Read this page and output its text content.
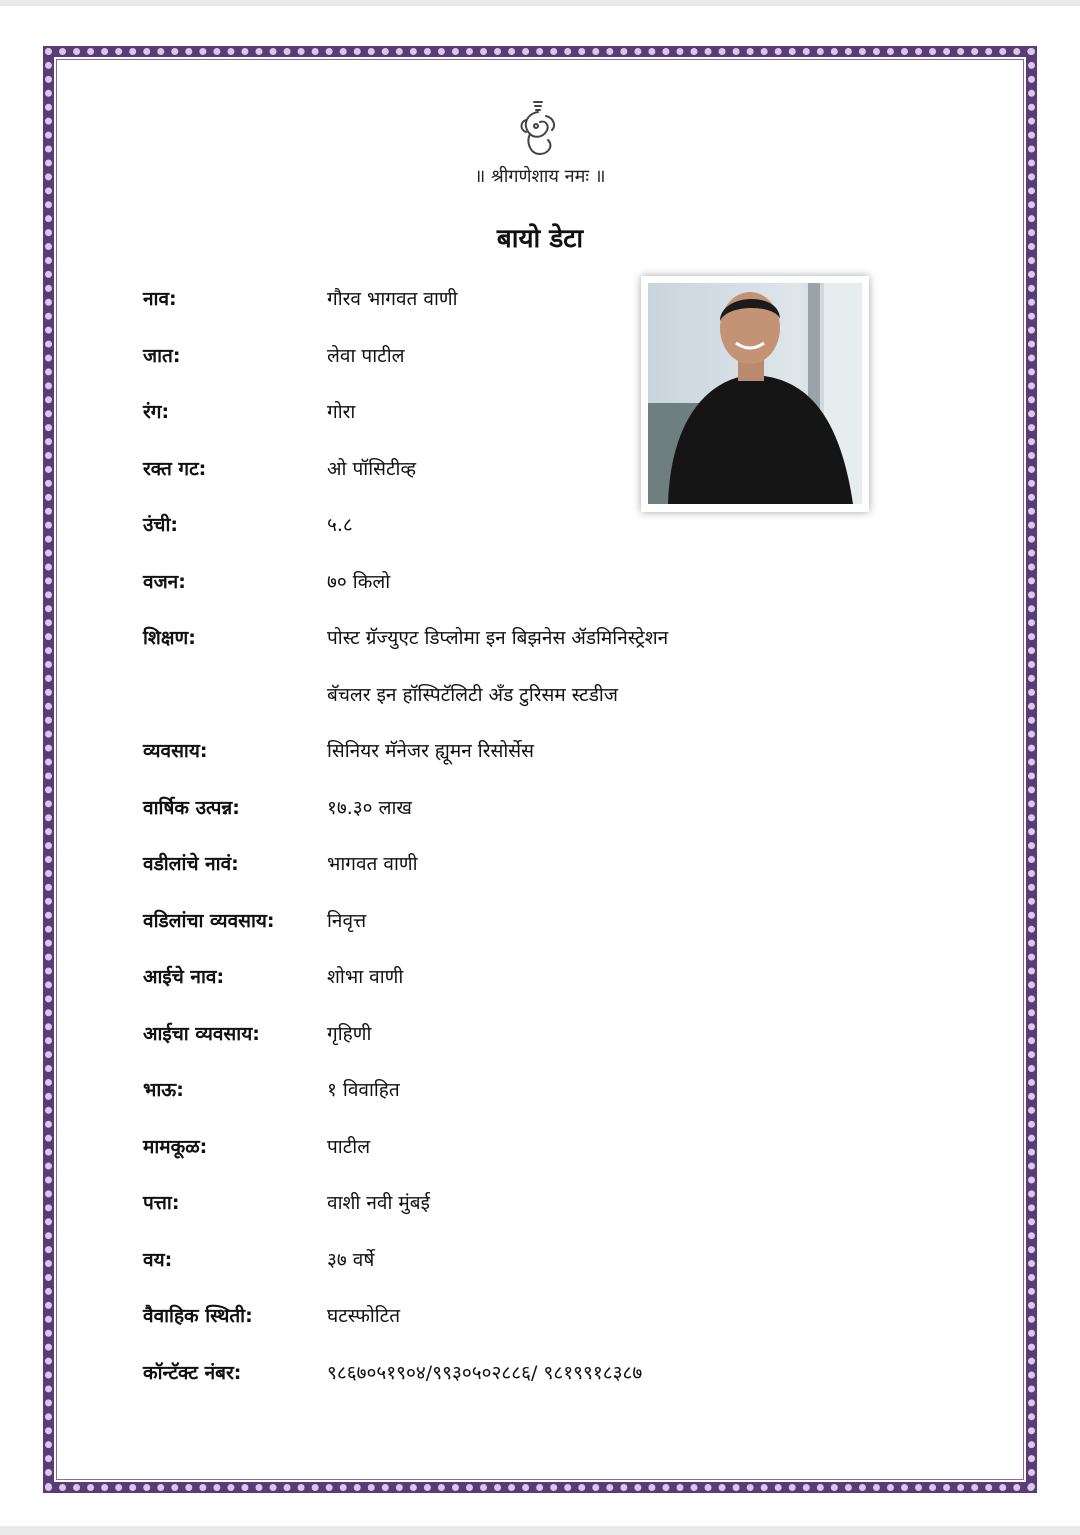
॥ श्रीगणेशाय नमः ॥
बायो डेटा
नाव:	गौरव भागवत वाणी
जात:	लेवा पाटील
रंग:	गोरा
रक्त गट:	ओ पॉसिटीव्ह
उंची:	५.८
वजन:	७० किलो
शिक्षण:	पोस्ट ग्रॅज्युएट डिप्लोमा इन बिझनेस ॲडमिनिस्ट्रेशन
बॅचलर इन हॉस्पिटॅलिटी ॲंड टुरिसम स्टडीज
व्यवसाय:	सिनियर मॅनेजर ह्यूमन रिसोर्सेस
वार्षिक उत्पन्न:	१७.३० लाख
वडीलांचे नावं:	भागवत वाणी
वडिलांचा व्यवसाय:	निवृत्त
आईचे नाव:	शोभा वाणी
आईचा व्यवसाय:	गृहिणी
भाऊ:	१ विवाहित
मामकूळ:	पाटील
पत्ता:	वाशी नवी मुंबई
वय:	३७ वर्षे
वैवाहिक स्थिती:	घटस्फोटित
कॉन्टॅक्ट नंबर:	९८६७०५१९०४/९९३०५०२८८६/ ९८१९९१८३८७
